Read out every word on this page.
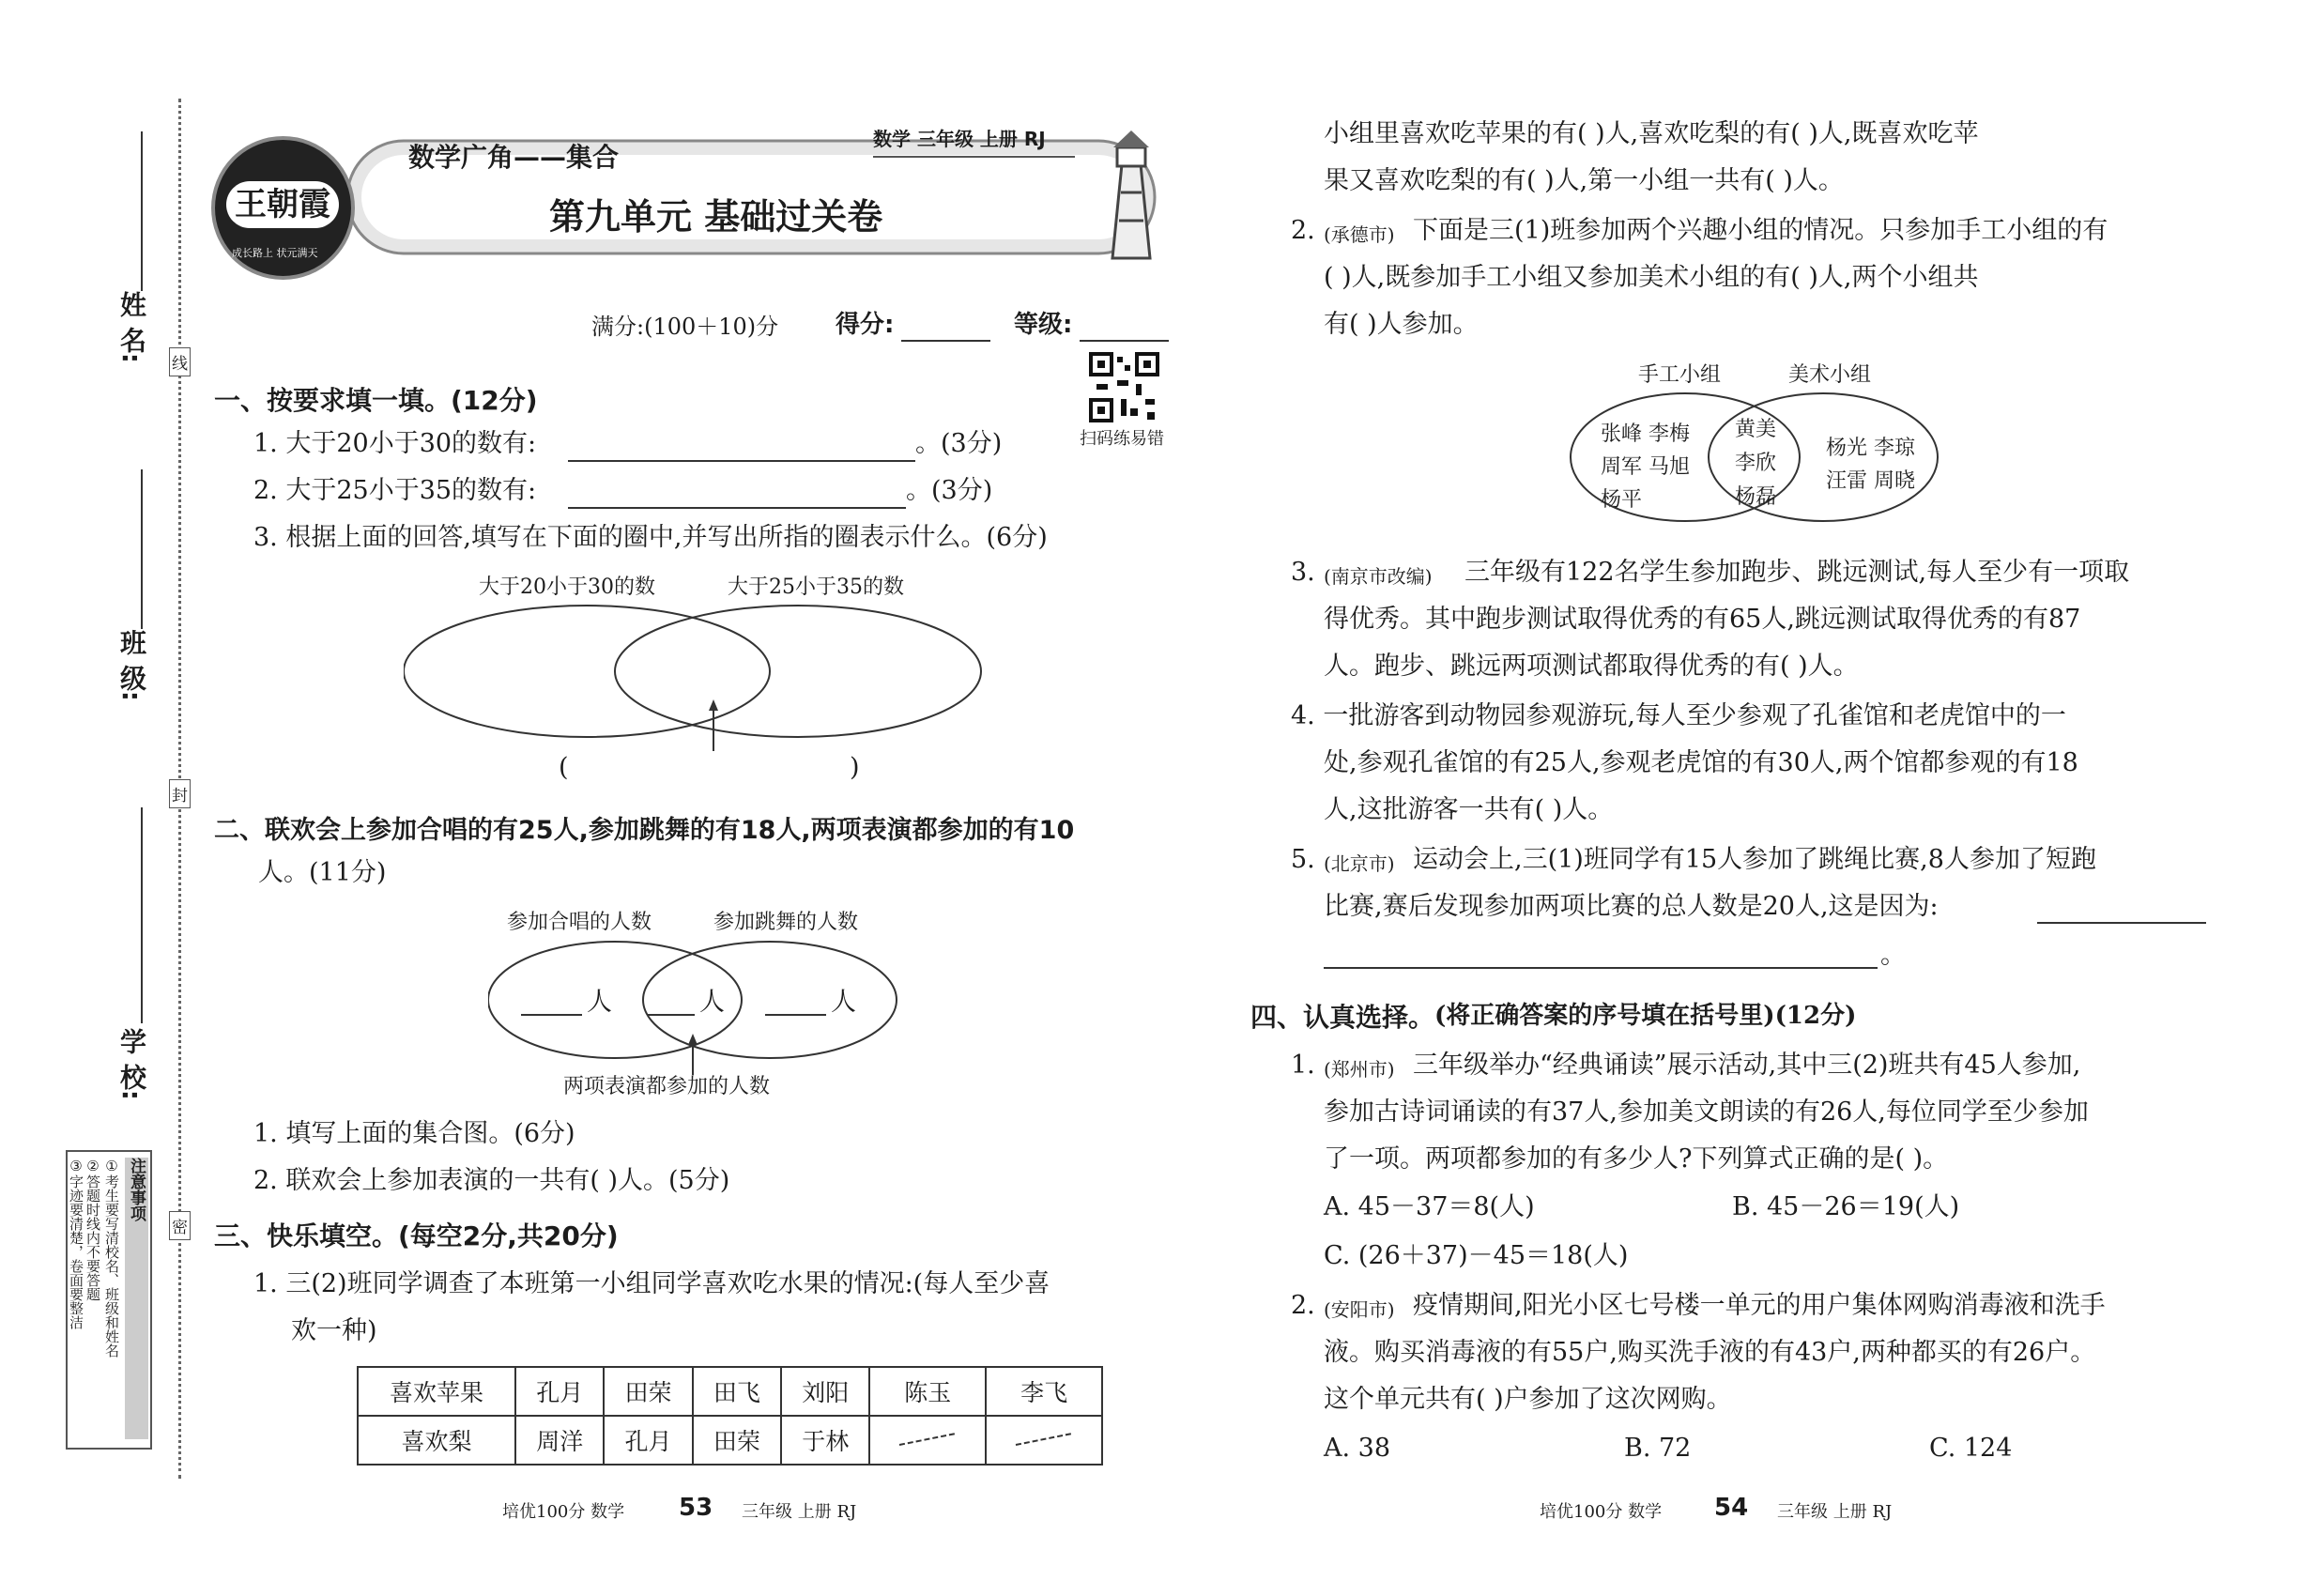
姓 名:
班 级:
学 校:
线
封
密
注意事项
①考生要写清校名、班级和姓名
②答题时线内不要答题
③字迹要清楚，卷面要整洁
王朝霞
成长路上 状元满天
数学广角——集合
数学 三年级 上册 RJ
第九单元 基础过关卷
满分:(100＋10)分 得分:	等级:
扫码练易错
一、按要求填一填。(12分)
1. 大于20小于30的数有:	。(3分)
2. 大于25小于35的数有:	。(3分)
3. 根据上面的回答,填写在下面的圈中,并写出所指的圈表示什么。(6分)
大于20小于30的数	大于25小于35的数
(	)
二、联欢会上参加合唱的有25人,参加跳舞的有18人,两项表演都参加的有10
人。(11分)
参加合唱的人数	参加跳舞的人数
人	人	人
两项表演都参加的人数
1. 填写上面的集合图。(6分)
2. 联欢会上参加表演的一共有( )人。(5分)
三、快乐填空。(每空2分,共20分)
1. 三(2)班同学调查了本班第一小组同学喜欢吃水果的情况:(每人至少喜
欢一种)
喜欢苹果	孔月	田荣	田飞	刘阳	陈玉	李飞
喜欢梨	周洋	孔月	田荣	于林		
培优100分 数学 53 三年级 上册 RJ
小组里喜欢吃苹果的有( )人,喜欢吃梨的有( )人,既喜欢吃苹
果又喜欢吃梨的有( )人,第一小组一共有( )人。
2. (承德市) 下面是三(1)班参加两个兴趣小组的情况。只参加手工小组的有
( )人,既参加手工小组又参加美术小组的有( )人,两个小组共
有( )人参加。
手工小组	美术小组
张峰 李梅
周军 马旭
杨平
黄美
李欣
杨磊
杨光 李琼
汪雷 周晓
3. (南京市改编) 三年级有122名学生参加跑步、跳远测试,每人至少有一项取
得优秀。其中跑步测试取得优秀的有65人,跳远测试取得优秀的有87
人。跑步、跳远两项测试都取得优秀的有( )人。
4. 一批游客到动物园参观游玩,每人至少参观了孔雀馆和老虎馆中的一
处,参观孔雀馆的有25人,参观老虎馆的有30人,两个馆都参观的有18
人,这批游客一共有( )人。
5. (北京市) 运动会上,三(1)班同学有15人参加了跳绳比赛,8人参加了短跑
比赛,赛后发现参加两项比赛的总人数是20人,这是因为:
。
四、认真选择。 (将正确答案的序号填在括号里)(12分)
1. (郑州市) 三年级举办“经典诵读”展示活动,其中三(2)班共有45人参加,
参加古诗词诵读的有37人,参加美文朗读的有26人,每位同学至少参加
了一项。两项都参加的有多少人?下列算式正确的是( )。
A. 45－37＝8(人)	B. 45－26＝19(人)
C. (26＋37)－45＝18(人)
2. (安阳市) 疫情期间,阳光小区七号楼一单元的用户集体网购消毒液和洗手
液。购买消毒液的有55户,购买洗手液的有43户,两种都买的有26户。
这个单元共有( )户参加了这次网购。
A. 38	B. 72	C. 124
培优100分 数学 54 三年级 上册 RJ
